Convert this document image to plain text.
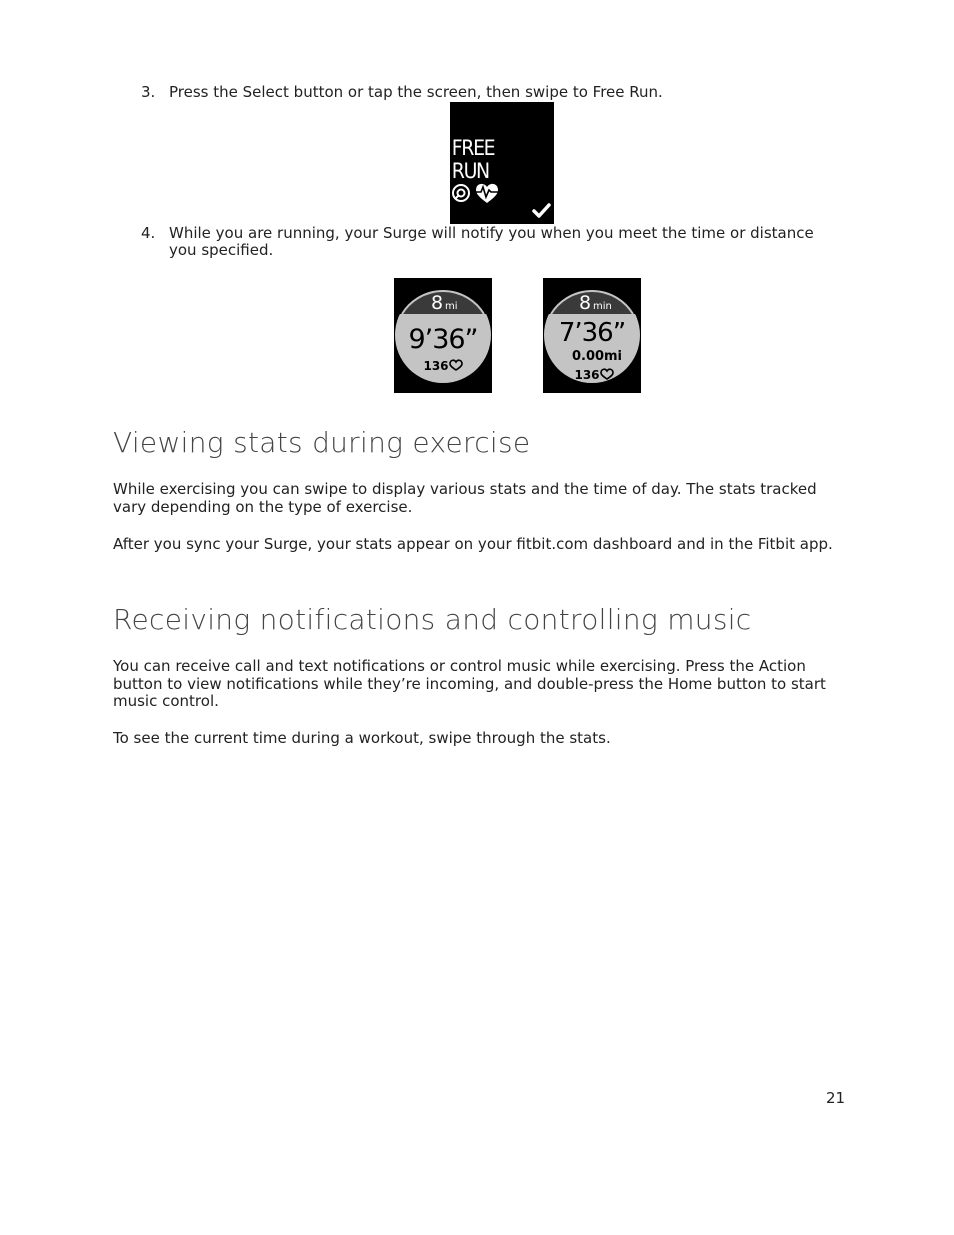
3. Press the Select button or tap the screen, then swipe to Free Run.
FREE
RUN
4. While you are running, your Surge will notify you when you meet the time or distance you specified.
8 mi
9’36”
136
8 min
7’36”
0.00 mi
136
Viewing stats during exercise
While exercising you can swipe to display various stats and the time of day. The stats tracked vary depending on the type of exercise.
After you sync your Surge, your stats appear on your fitbit.com dashboard and in the Fitbit app.
Receiving notifications and controlling music
You can receive call and text notifications or control music while exercising. Press the Action button to view notifications while they’re incoming, and double-press the Home button to start music control.
To see the current time during a workout, swipe through the stats.
21
